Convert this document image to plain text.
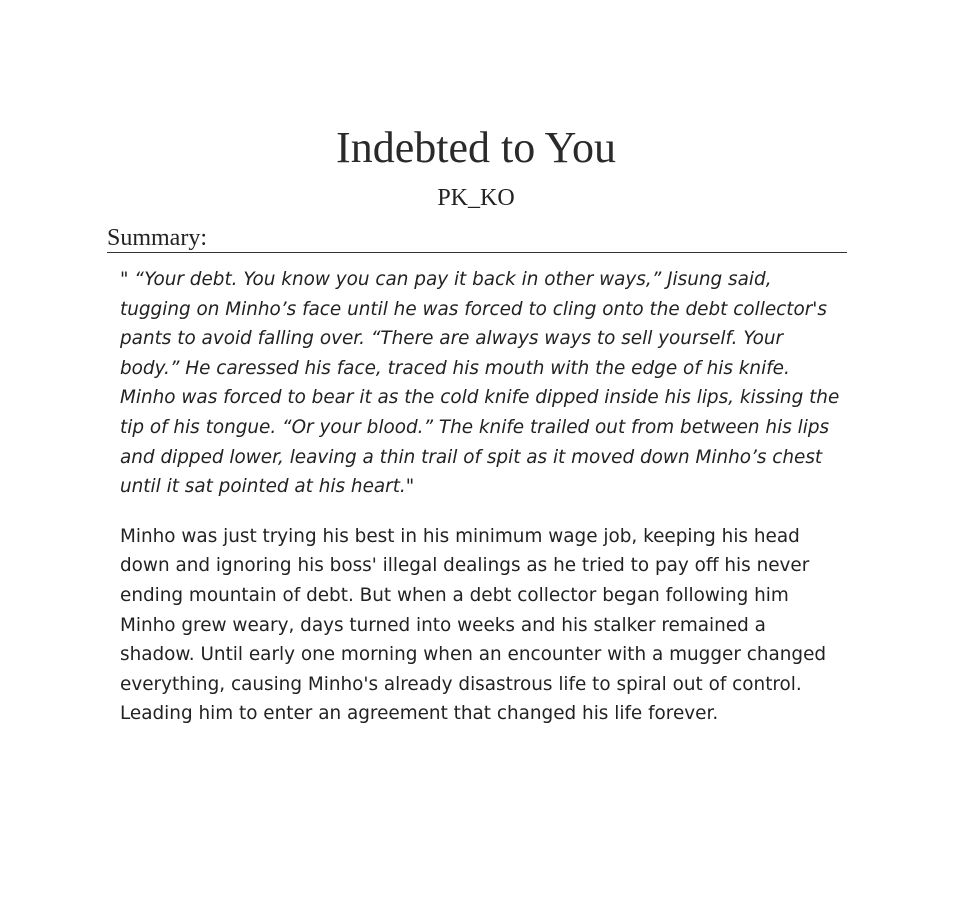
Indebted to You
PK_KO
Summary:

" “Your debt. You know you can pay it back in other ways,” Jisung said, tugging on Minho’s face until he was forced to cling onto the debt collector's pants to avoid falling over. “There are always ways to sell yourself. Your body.” He caressed his face, traced his mouth with the edge of his knife. Minho was forced to bear it as the cold knife dipped inside his lips, kissing the tip of his tongue. “Or your blood.” The knife trailed out from between his lips and dipped lower, leaving a thin trail of spit as it moved down Minho’s chest until it sat pointed at his heart."

Minho was just trying his best in his minimum wage job, keeping his head down and ignoring his boss' illegal dealings as he tried to pay off his never ending mountain of debt. But when a debt collector began following him Minho grew weary, days turned into weeks and his stalker remained a shadow. Until early one morning when an encounter with a mugger changed everything, causing Minho's already disastrous life to spiral out of control. Leading him to enter an agreement that changed his life forever.
